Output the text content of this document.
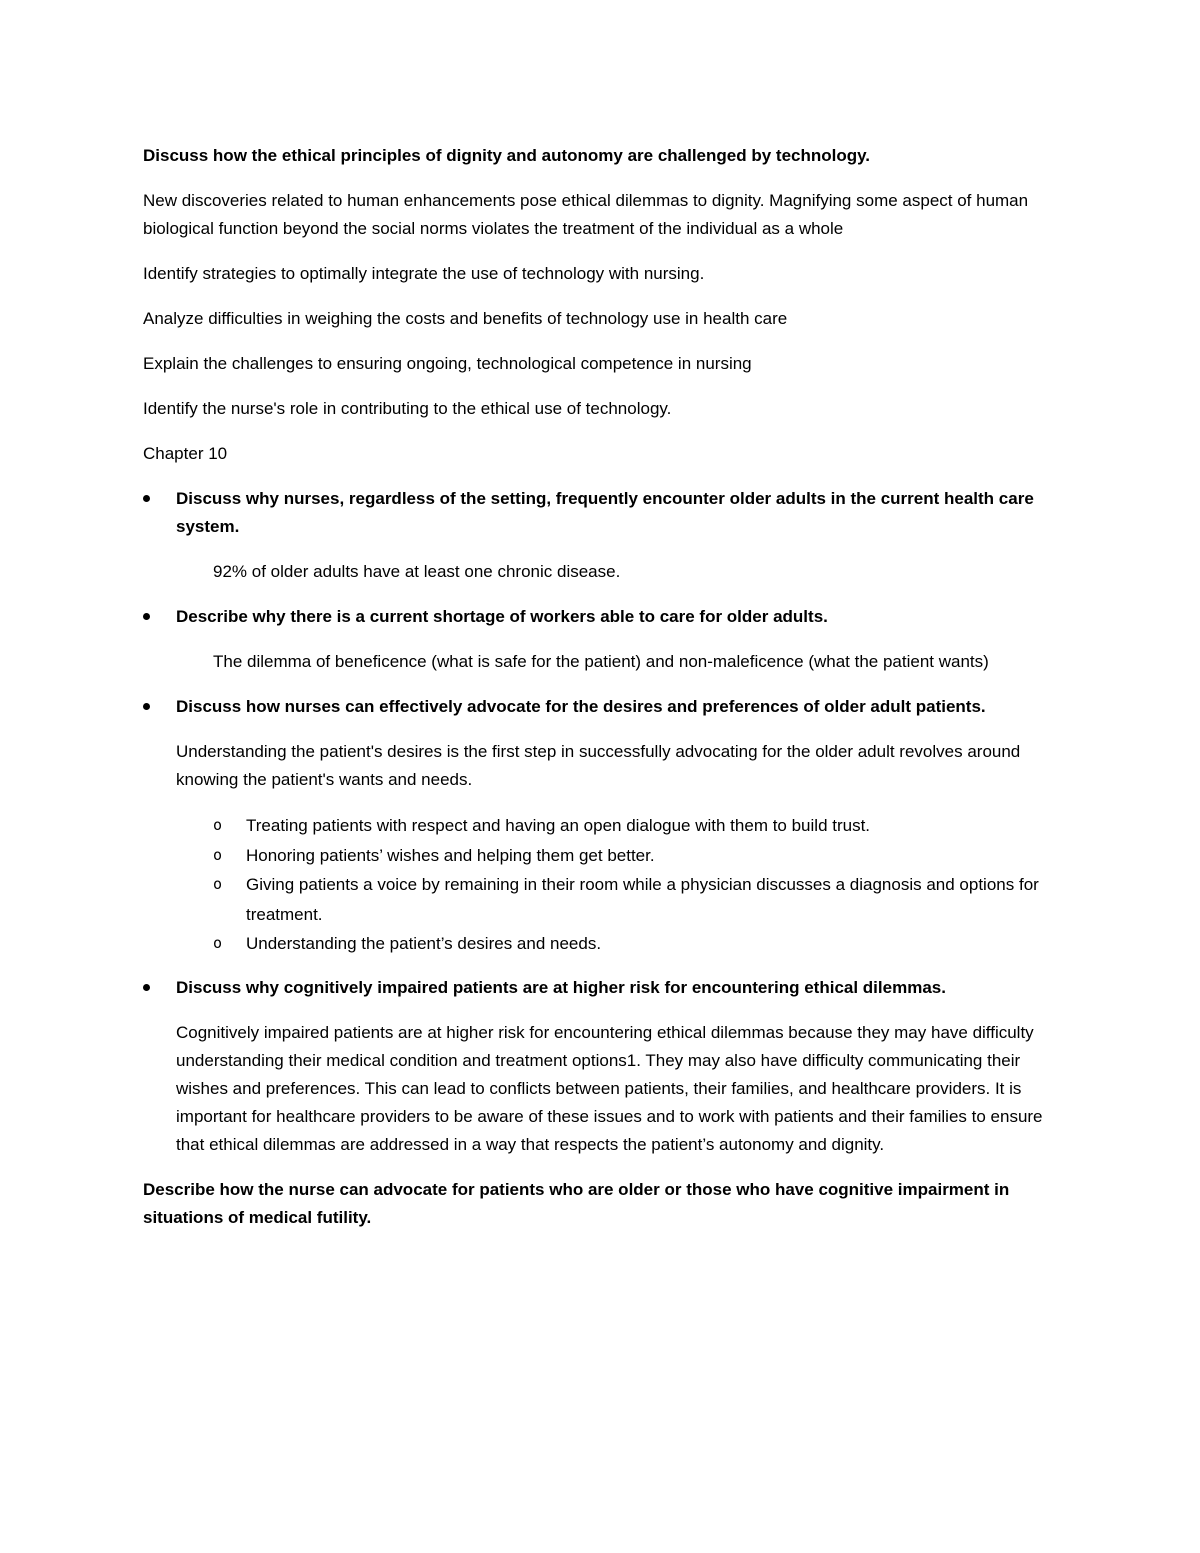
Discuss how the ethical principles of dignity and autonomy are challenged by technology.

New discoveries related to human enhancements pose ethical dilemmas to dignity. Magnifying some aspect of human biological function beyond the social norms violates the treatment of the individual as a whole

Identify strategies to optimally integrate the use of technology with nursing.

Analyze difficulties in weighing the costs and benefits of technology use in health care

Explain the challenges to ensuring ongoing, technological competence in nursing

Identify the nurse's role in contributing to the ethical use of technology.

Chapter 10

Discuss why nurses, regardless of the setting, frequently encounter older adults in the current health care system.

92% of older adults have at least one chronic disease.

Describe why there is a current shortage of workers able to care for older adults.

The dilemma of beneficence (what is safe for the patient) and non-maleficence (what the patient wants)

Discuss how nurses can effectively advocate for the desires and preferences of older adult patients.

Understanding the patient's desires is the first step in successfully advocating for the older adult revolves around knowing the patient's wants and needs.

o Treating patients with respect and having an open dialogue with them to build trust.

o Honoring patients’ wishes and helping them get better.

o Giving patients a voice by remaining in their room while a physician discusses a diagnosis and options for treatment.

o Understanding the patient’s desires and needs.

Discuss why cognitively impaired patients are at higher risk for encountering ethical dilemmas.

Cognitively impaired patients are at higher risk for encountering ethical dilemmas because they may have difficulty understanding their medical condition and treatment options1. They may also have difficulty communicating their wishes and preferences. This can lead to conflicts between patients, their families, and healthcare providers. It is important for healthcare providers to be aware of these issues and to work with patients and their families to ensure that ethical dilemmas are addressed in a way that respects the patient’s autonomy and dignity.

Describe how the nurse can advocate for patients who are older or those who have cognitive impairment in situations of medical futility.
